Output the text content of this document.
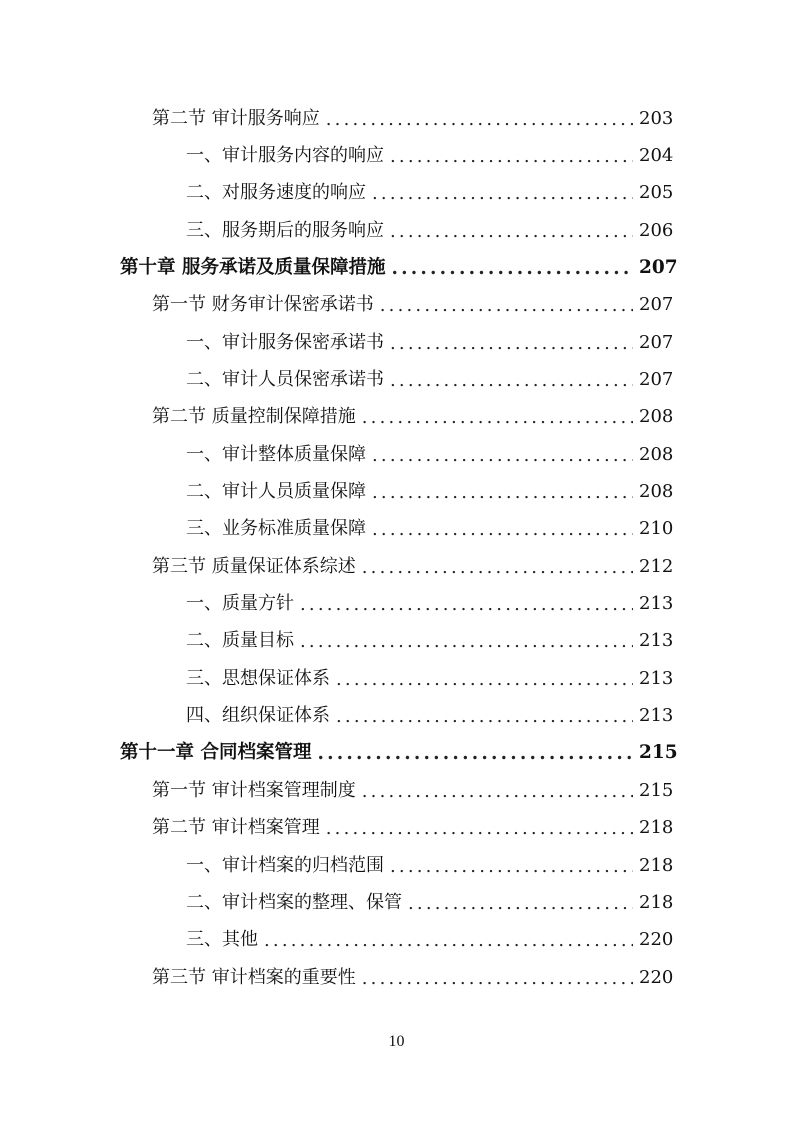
第二节 审计服务响应 .....	203
一、审计服务内容的响应 .....	204
二、对服务速度的响应 .....	205
三、服务期后的服务响应 .....	206
第十章 服务承诺及质量保障措施 .....	207
第一节 财务审计保密承诺书 .....	207
一、审计服务保密承诺书 .....	207
二、审计人员保密承诺书 .....	207
第二节 质量控制保障措施 .....	208
一、审计整体质量保障 .....	208
二、审计人员质量保障 .....	208
三、业务标准质量保障 .....	210
第三节 质量保证体系综述 .....	212
一、质量方针 .....	213
二、质量目标 .....	213
三、思想保证体系 .....	213
四、组织保证体系 .....	213
第十一章 合同档案管理 .....	215
第一节 审计档案管理制度 .....	215
第二节 审计档案管理 .....	218
一、审计档案的归档范围 .....	218
二、审计档案的整理、保管 .....	218
三、其他 .....	220
第三节 审计档案的重要性 .....	220
10
